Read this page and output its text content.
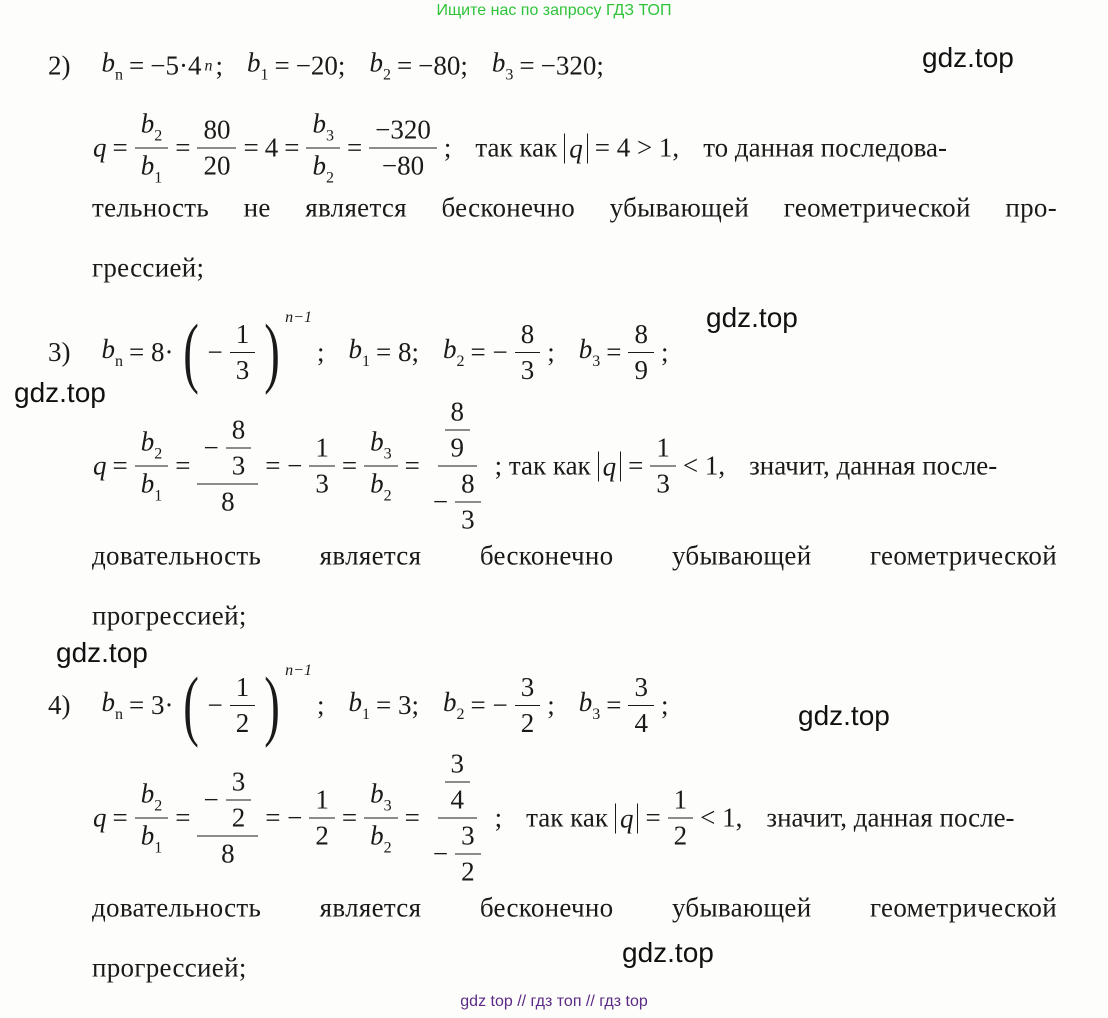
Ищите нас по запросу ГДЗ ТОП
gdz.top
gdz.top
gdz.top
gdz.top
gdz.top
gdz.top
2) $b_n = -5\cdot 4$ n ; $b_1 = -20$; $b_2 = -80$; $b_3 = -320$;
$q = \frac{b_2}{b_1} = \frac{80}{20} = 4 = \frac{b_3}{b_2} = \frac{-320}{-80}$ ; так как q = 4 > 1, то данная последова-
тельность не является бесконечно убывающей геометрической про-
грессией;
3) $b_n = 8\cdot$ ( − $\frac{1}{3}$ ) n−1
; $b_1 = 8$; $b_2$ = − $\frac{8}{3}$ ; $b_3 = \frac{8}{9}$ ;
$q = \frac{b_2}{b_1} = \frac{- \frac{8}{3}}{8}$ = − $\frac{1}{3} = \frac{b_3}{b_2} = \frac{\frac{8}{9}}{- \frac{8}{3}}$ ; так как $q = \frac{1}{3} < 1$, значит, данная после-
довательность является бесконечно убывающей геометрической
прогрессией;
4) $b_n = 3\cdot$ ( − $\frac{1}{2}$ ) n−1
; $b_1 = 3$; $b_2$ = − $\frac{3}{2}$ ; $b_3 = \frac{3}{4}$ ;
$q = \frac{b_2}{b_1} = \frac{- \frac{3}{2}}{8}$ = − $\frac{1}{2} = \frac{b_3}{b_2} = \frac{\frac{3}{4}}{- \frac{3}{2}}$ ; так как $q = \frac{1}{2} < 1$, значит, данная после-
довательность является бесконечно убывающей геометрической
прогрессией;
gdz top // гдз топ // гдз top
